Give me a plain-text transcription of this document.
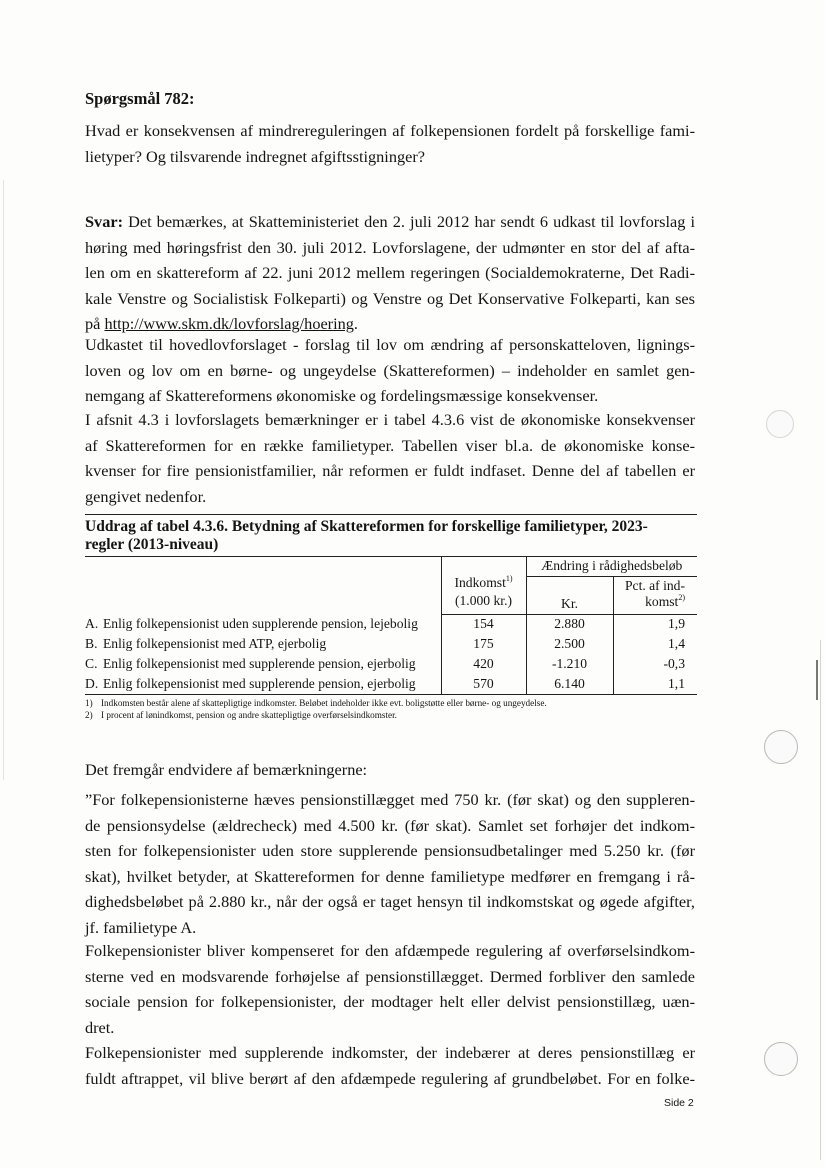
Spørgsmål 782:
Hvad er konsekvensen af mindrereguleringen af folkepensionen fordelt på forskellige fami-
lietyper? Og tilsvarende indregnet afgiftsstigninger?
Svar: Det bemærkes, at Skatteministeriet den 2. juli 2012 har sendt 6 udkast til lovforslag i
høring med høringsfrist den 30. juli 2012. Lovforslagene, der udmønter en stor del af afta-
len om en skattereform af 22. juni 2012 mellem regeringen (Socialdemokraterne, Det Radi-
kale Venstre og Socialistisk Folkeparti) og Venstre og Det Konservative Folkeparti, kan ses
på http://www.skm.dk/lovforslag/hoering.
Udkastet til hovedlovforslaget - forslag til lov om ændring af personskatteloven, lignings-
loven og lov om en børne- og ungeydelse (Skattereformen) – indeholder en samlet gen-
nemgang af Skattereformens økonomiske og fordelingsmæssige konsekvenser.
I afsnit 4.3 i lovforslagets bemærkninger er i tabel 4.3.6 vist de økonomiske konsekvenser
af Skattereformen for en række familietyper. Tabellen viser bl.a. de økonomiske konse-
kvenser for fire pensionistfamilier, når reformen er fuldt indfaset. Denne del af tabellen er
gengivet nedenfor.
Uddrag af tabel 4.3.6. Betydning af Skattereformen for forskellige familietyper, 2023-
regler (2013-niveau)

	Indkomst$^{1)}$
(1.000 kr.)	Ændring i rådighedsbeløb	
		Kr.	Pct. af ind-
komst$^{2)}$

A. Enlig folkepensionist uden supplerende pension, lejebolig	154	2.880	1,9
B. Enlig folkepensionist med ATP, ejerbolig	175	2.500	1,4
C. Enlig folkepensionist med supplerende pension, ejerbolig	420	-1.210	-0,3
D. Enlig folkepensionist med supplerende pension, ejerbolig	570	6.140	1,1
1) Indkomsten består alene af skattepligtige indkomster. Beløbet indeholder ikke evt. boligstøtte eller børne- og ungeydelse.
2) I procent af lønindkomst, pension og andre skattepligtige overførselsindkomster.
Det fremgår endvidere af bemærkningerne:
”For folkepensionisterne hæves pensionstillægget med 750 kr. (før skat) og den suppleren-
de pensionsydelse (ældrecheck) med 4.500 kr. (før skat). Samlet set forhøjer det indkom-
sten for folkepensionister uden store supplerende pensionsudbetalinger med 5.250 kr. (før
skat), hvilket betyder, at Skattereformen for denne familietype medfører en fremgang i rå-
dighedsbeløbet på 2.880 kr., når der også er taget hensyn til indkomstskat og øgede afgifter,
jf. familietype A.
Folkepensionister bliver kompenseret for den afdæmpede regulering af overførselsindkom-
sterne ved en modsvarende forhøjelse af pensionstillægget. Dermed forbliver den samlede
sociale pension for folkepensionister, der modtager helt eller delvist pensionstillæg, uæn-
dret.
Folkepensionister med supplerende indkomster, der indebærer at deres pensionstillæg er
fuldt aftrappet, vil blive berørt af den afdæmpede regulering af grundbeløbet. For en folke-
Side 2
